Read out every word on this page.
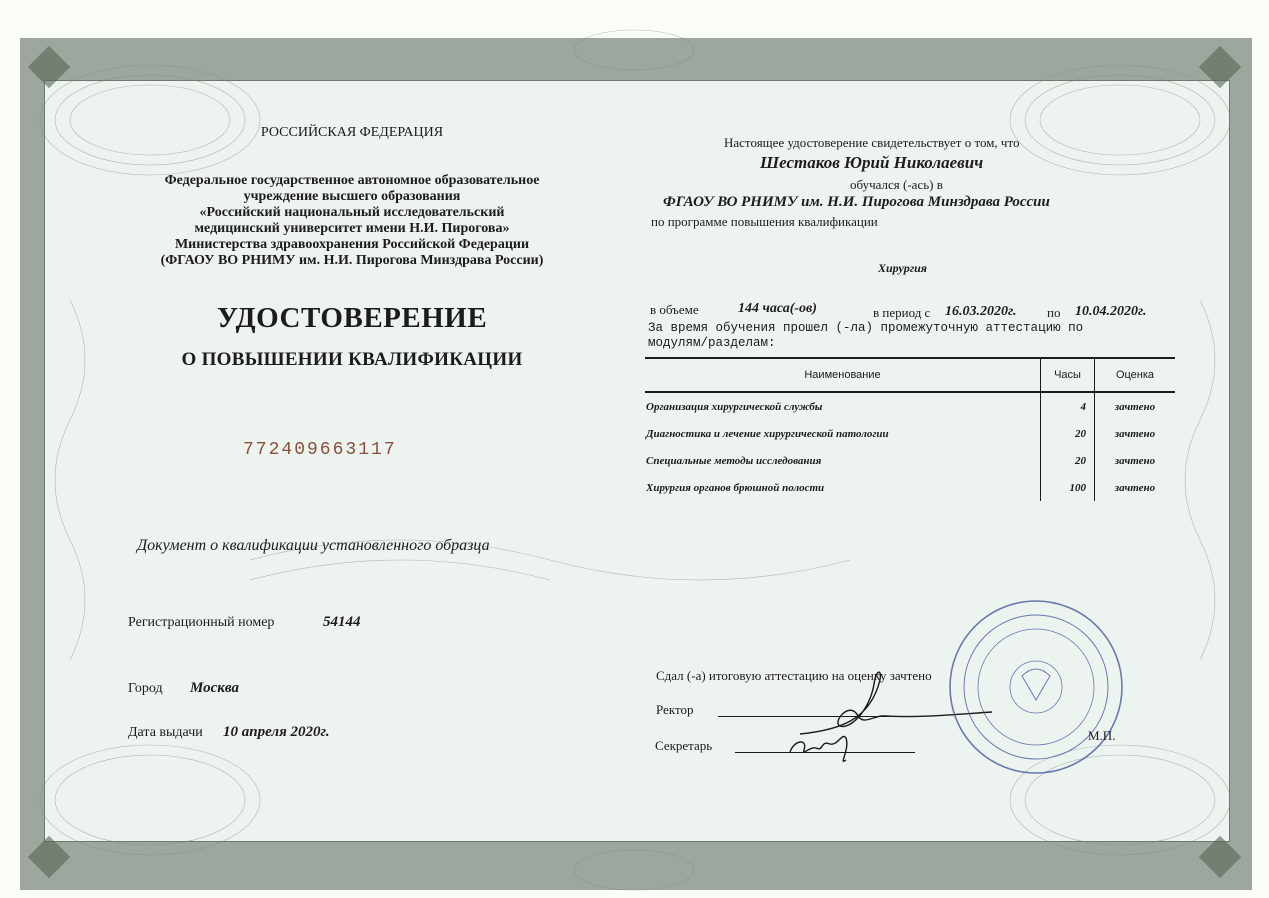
РОССИЙСКАЯ ФЕДЕРАЦИЯ
Федеральное государственное автономное образовательное
учреждение высшего образования
«Российский национальный исследовательский
медицинский университет имени Н.И. Пирогова»
Министерства здравоохранения Российской Федерации
(ФГАОУ ВО РНИМУ им. Н.И. Пирогова Минздрава России)
УДОСТОВЕРЕНИЕ
О ПОВЫШЕНИИ КВАЛИФИКАЦИИ
772409663117
Документ о квалификации установленного образца
Регистрационный номер	54144
Город Москва
Дата выдачи 10 апреля 2020г.
Настоящее удостоверение свидетельствует о том, что
Шестаков Юрий Николаевич
обучался (-ась) в
ФГАОУ ВО РНИМУ им. Н.И. Пирогова Минздрава России
по программе повышения квалификации
Хирургия
в объеме	144 часа(-ов)	в период с 16.03.2020г. по 10.04.2020г.
За время обучения прошел (-ла) промежуточную аттестацию по
модулям/разделам:
Наименование	Часы	Оценка
Организация хирургической службы	4	зачтено
Диагностика и лечение хирургической патологии	20	зачтено
Специальные методы исследования	20	зачтено
Хирургия органов брюшной полости	100	зачтено
Сдал (-а) итоговую аттестацию на оценку зачтено
Ректор
Секретарь
М.П.
